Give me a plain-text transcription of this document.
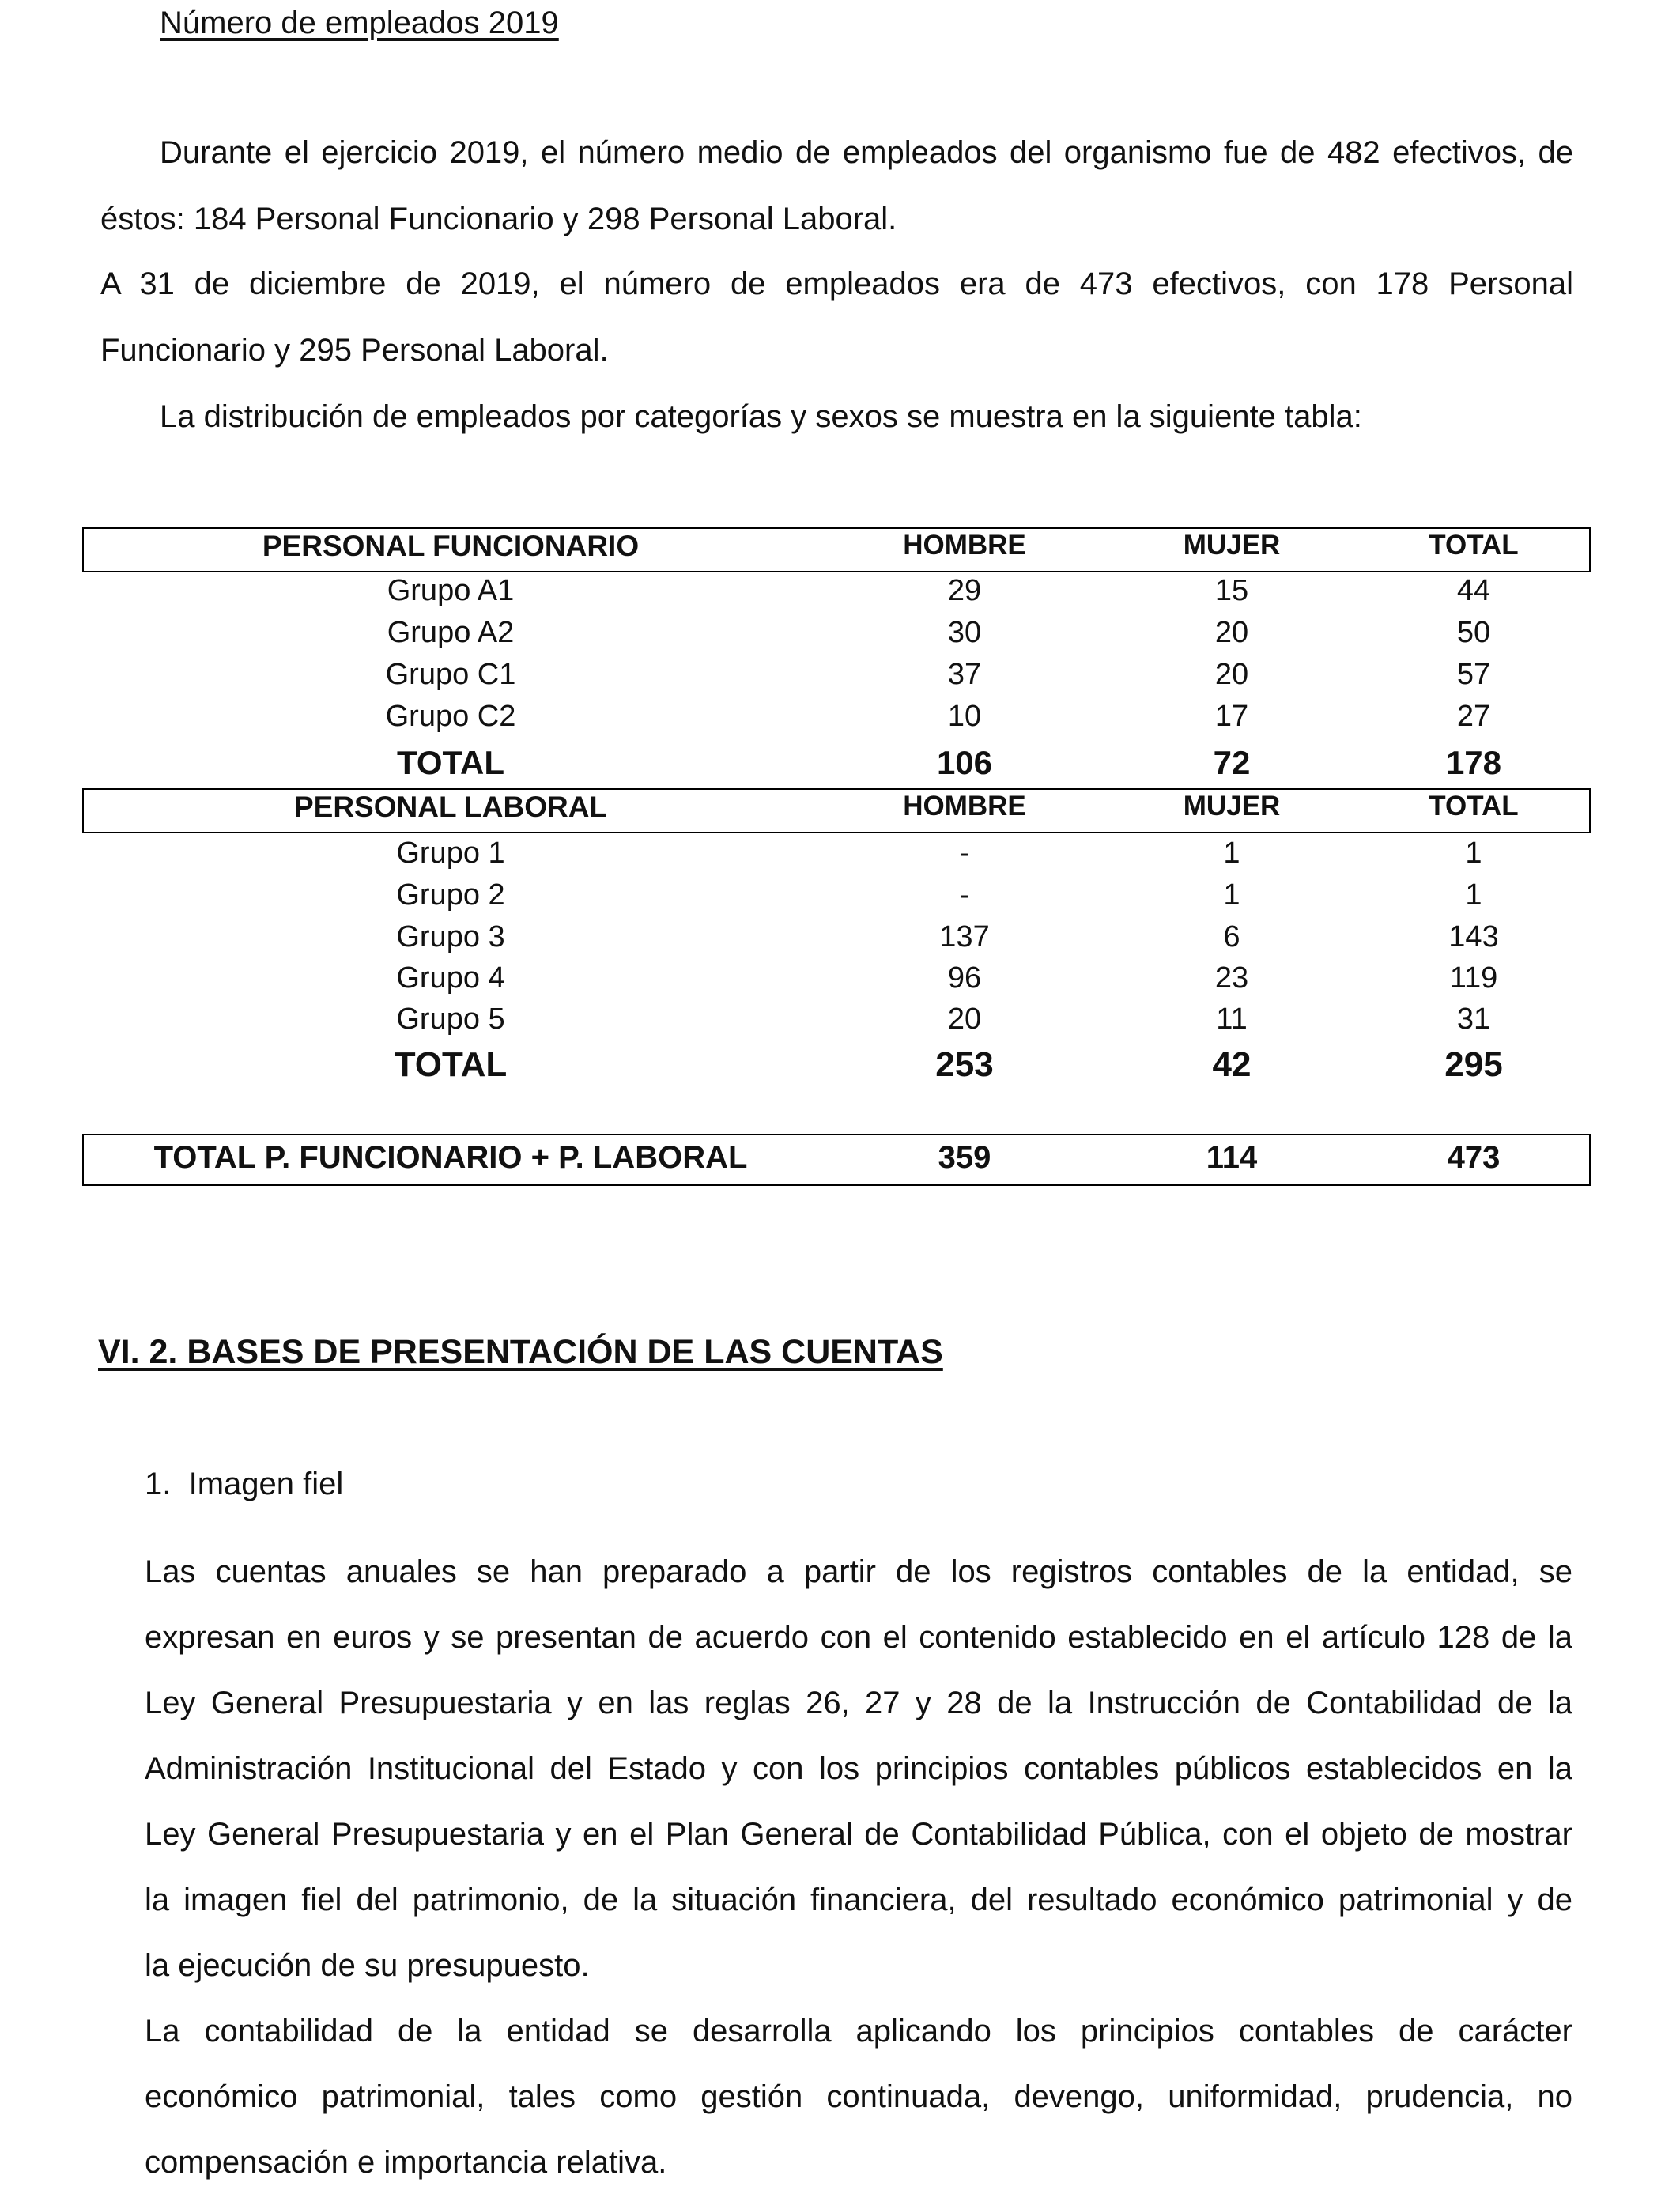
Número de empleados 2019
Durante el ejercicio 2019, el número medio de empleados del organismo fue de 482 efectivos, de
éstos: 184 Personal Funcionario y 298 Personal Laboral.
A 31 de diciembre de 2019, el número de empleados era de 473 efectivos, con 178 Personal
Funcionario y 295 Personal Laboral.
La distribución de empleados por categorías y sexos se muestra en la siguiente tabla:
PERSONAL FUNCIONARIO	HOMBRE	MUJER	TOTAL
Grupo A1	29	15	44
Grupo A2	30	20	50
Grupo C1	37	20	57
Grupo C2	10	17	27
TOTAL	106	72	178
PERSONAL LABORAL	HOMBRE	MUJER	TOTAL
Grupo 1	-	1	1
Grupo 2	-	1	1
Grupo 3	137	6	143
Grupo 4	96	23	119
Grupo 5	20	11	31
TOTAL	253	42	295
TOTAL P. FUNCIONARIO + P. LABORAL	359	114	473
VI. 2. BASES DE PRESENTACIÓN DE LAS CUENTAS
1.  Imagen fiel
Las cuentas anuales se han preparado a partir de los registros contables de la entidad, se
expresan en euros y se presentan de acuerdo con el contenido establecido en el artículo 128 de la
Ley General Presupuestaria y en las reglas 26, 27 y 28 de la Instrucción de Contabilidad de la
Administración Institucional del Estado y con los principios contables públicos establecidos en la
Ley General Presupuestaria y en el Plan General de Contabilidad Pública, con el objeto de mostrar
la imagen fiel del patrimonio, de la situación financiera, del resultado económico patrimonial y de
la ejecución de su presupuesto.
La contabilidad de la entidad se desarrolla aplicando los principios contables de carácter
económico patrimonial, tales como gestión continuada, devengo, uniformidad, prudencia, no
compensación e importancia relativa.
